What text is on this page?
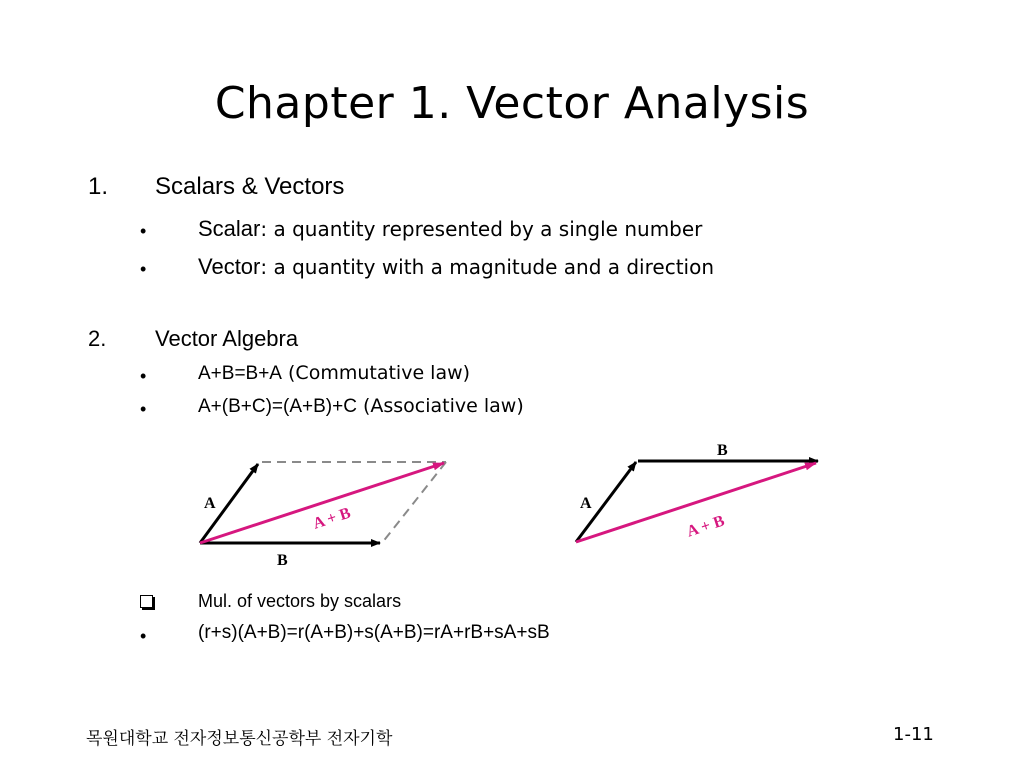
Chapter 1. Vector Analysis
1. Scalars & Vectors
• Scalar: a quantity represented by a single number
• Vector: a quantity with a magnitude and a direction
2. Vector Algebra
•	A+B=B+A (Commutative law)
•	A+(B+C)=(A+B)+C (Associative law)
A
B
A + B
A
B
A + B
Mul. of vectors by scalars
•	(r+s)(A+B)=r(A+B)+s(A+B)=rA+rB+sA+sB
목원대학교 전자정보통신공학부 전자기학	1-11
